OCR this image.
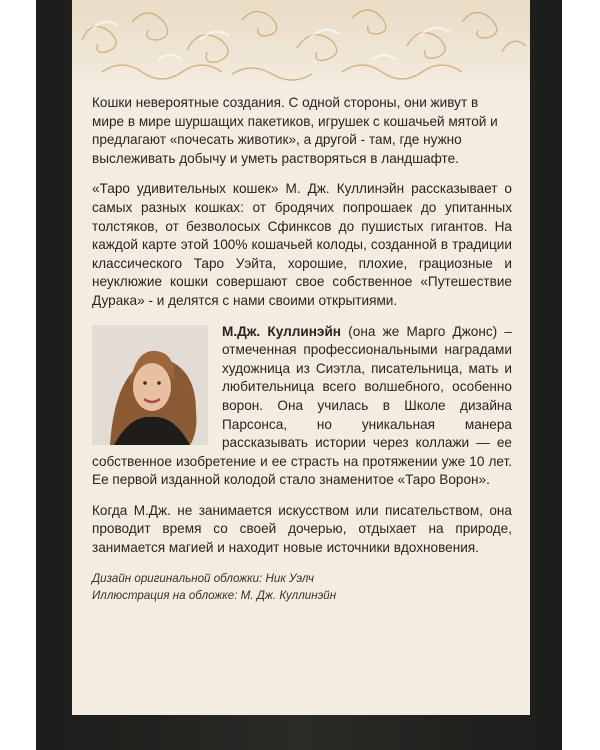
Кошки невероятные создания. С одной стороны, они живут в мире в мире шуршащих пакетиков, игрушек с кошачьей мятой и предлагают «почесать животик», а другой - там, где нужно выслеживать добычу и уметь растворяться в ландшафте.

«Таро удивительных кошек» М. Дж. Куллинэйн рассказывает о самых разных кошках: от бродячих попрошаек до упитанных толстяков, от безволосых Сфинксов до пушистых гигантов. На каждой карте этой 100% кошачьей колоды, созданной в традиции классического Таро Уэйта, хорошие, плохие, грациозные и неуклюжие кошки совершают свое собственное «Путешествие Дурака» - и делятся с нами своими открытиями.

М.Дж. Куллинэйн (она же Марго Джонс) – отмеченная профессиональными наградами художница из Сиэтла, писательница, мать и любительница всего волшебного, особенно ворон. Она училась в Школе дизайна Парсонса, но уникальная манера рассказывать истории через коллажи — ее собственное изобретение и ее страсть на протяжении уже 10 лет. Ее первой изданной колодой стало знаменитое «Таро Ворон».

Когда М.Дж. не занимается искусством или писательством, она проводит время со своей дочерью, отдыхает на природе, занимается магией и находит новые источники вдохновения.

Дизайн оригинальной обложки: Ник Уэлч
Иллюстрация на обложке: М. Дж. Куллинэйн
